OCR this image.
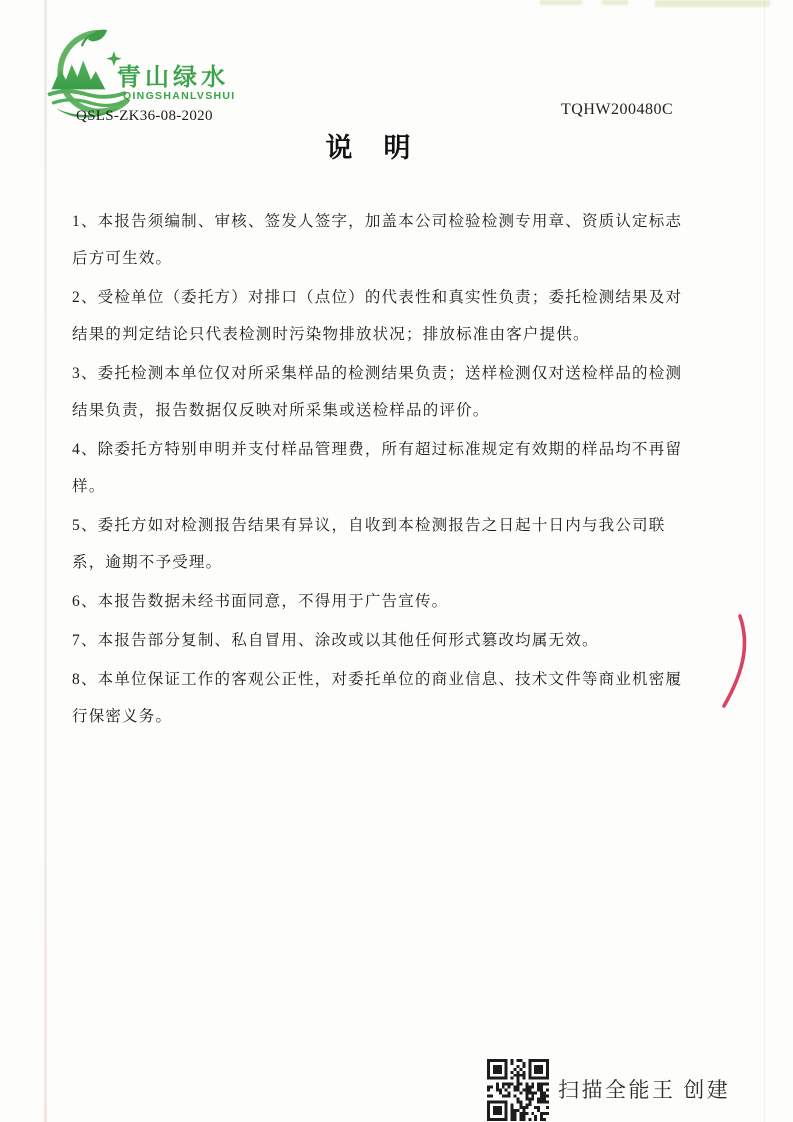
青山绿水
QINGSHANLVSHUI
QSLS-ZK36-08-2020	TQHW200480C
说　明

1、本报告须编制、审核、签发人签字，加盖本公司检验检测专用章、资质认定标志后方可生效。

2、受检单位（委托方）对排口（点位）的代表性和真实性负责；委托检测结果及对结果的判定结论只代表检测时污染物排放状况；排放标准由客户提供。

3、委托检测本单位仅对所采集样品的检测结果负责；送样检测仅对送检样品的检测结果负责，报告数据仅反映对所采集或送检样品的评价。

4、除委托方特别申明并支付样品管理费，所有超过标准规定有效期的样品均不再留样。

5、委托方如对检测报告结果有异议，自收到本检测报告之日起十日内与我公司联系，逾期不予受理。

6、本报告数据未经书面同意，不得用于广告宣传。

7、本报告部分复制、私自冒用、涂改或以其他任何形式篡改均属无效。

8、本单位保证工作的客观公正性，对委托单位的商业信息、技术文件等商业机密履行保密义务。

扫描全能王 创建
